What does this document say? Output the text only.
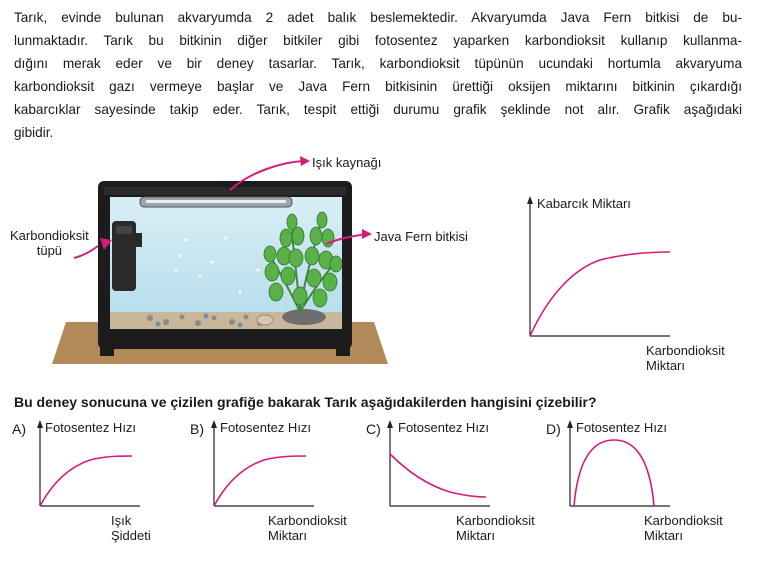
Tarık, evinde bulunan akvaryumda 2 adet balık beslemektedir. Akvaryumda Java Fern bitkisi de bu-
lunmaktadır. Tarık bu bitkinin diğer bitkiler gibi fotosentez yaparken karbondioksit kullanıp kullanma-
dığını merak eder ve bir deney tasarlar. Tarık, karbondioksit tüpünün ucundaki hortumla akvaryuma
karbondioksit gazı vermeye başlar ve Java Fern bitkisinin ürettiği oksijen miktarını bitkinin çıkardığı
kabarcıklar sayesinde takip eder. Tarık, tespit ettiği durumu grafik şeklinde not alır. Grafik aşağıdaki
gibidir.
Işık kaynağı
Karbondioksit
tüpü
Java Fern bitkisi
Kabarcık Miktarı
Karbondioksit
Miktarı
Bu deney sonucuna ve çizilen grafiğe bakarak Tarık aşağıdakilerden hangisini çizebilir?
A) Fotosentez Hızı
Işık
Şiddeti
B) Fotosentez Hızı
Karbondioksit
Miktarı
C) Fotosentez Hızı
Karbondioksit
Miktarı
D) Fotosentez Hızı
Karbondioksit
Miktarı
